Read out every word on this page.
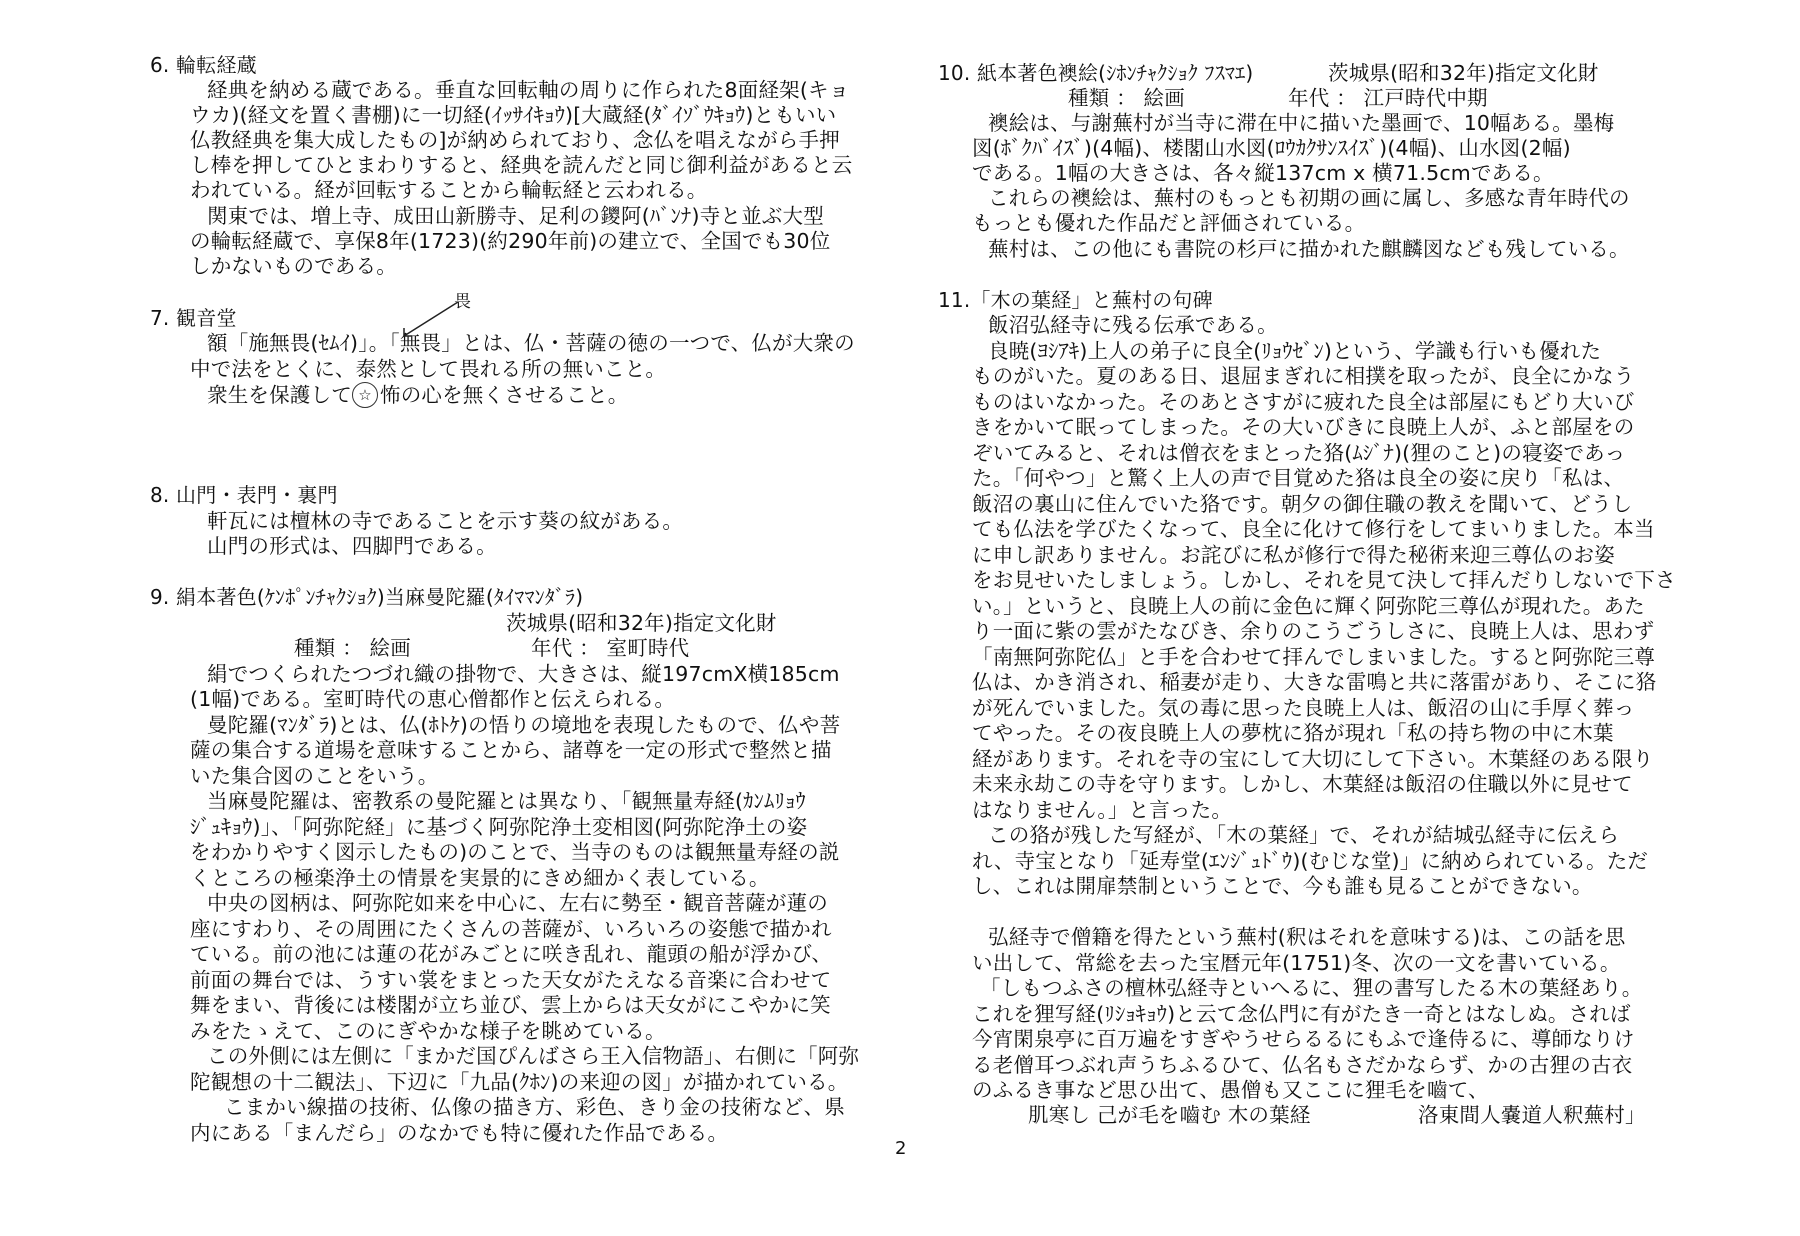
6. 輪転経蔵
経典を納める蔵である。垂直な回転軸の周りに作られた8面経架(キョ
ウカ)(経文を置く書棚)に一切経(ｲｯｻｲｷｮｳ)[大蔵経(ﾀﾞｲｿﾞｳｷｮｳ)ともいい
仏教経典を集大成したもの]が納められており、念仏を唱えながら手押
し棒を押してひとまわりすると、経典を読んだと同じ御利益があると云
われている。経が回転することから輪転経と云われる。
関東では、増上寺、成田山新勝寺、足利の鑁阿(ﾊﾞﾝﾅ)寺と並ぶ大型
の輪転経蔵で、享保8年(1723)(約290年前)の建立で、全国でも30位
しかないものである。
7. 観音堂
額「施無畏(ｾﾑｲ)」。「無畏」とは、仏・菩薩の徳の一つで、仏が大衆の
中で法をとくに、泰然として畏れる所の無いこと。
衆生を保護して ☆ 怖の心を無くさせること。
畏
8. 山門・表門・裏門
軒瓦には檀林の寺であることを示す葵の紋がある。
山門の形式は、四脚門である。
9. 絹本著色(ｹﾝﾎﾟﾝﾁｬｸｼｮｸ)当麻曼陀羅(ﾀｲﾏﾏﾝﾀﾞﾗ)
茨城県(昭和32年)指定文化財
種類 ： 絵画	年代 ： 室町時代
絹でつくられたつづれ織の掛物で、大きさは、縦197cmX横185cm
(1幅)である。室町時代の恵心僧都作と伝えられる。
曼陀羅(ﾏﾝﾀﾞﾗ)とは、仏(ﾎﾄｹ)の悟りの境地を表現したもので、仏や菩
薩の集合する道場を意味することから、諸尊を一定の形式で整然と描
いた集合図のことをいう。
当麻曼陀羅は、密教系の曼陀羅とは異なり、「観無量寿経(ｶﾝﾑﾘｮｳ
ｼﾞｭｷｮｳ)」、「阿弥陀経」に基づく阿弥陀浄土変相図(阿弥陀浄土の姿
をわかりやすく図示したもの)のことで、当寺のものは観無量寿経の説
くところの極楽浄土の情景を実景的にきめ細かく表している。
中央の図柄は、阿弥陀如来を中心に、左右に勢至・観音菩薩が蓮の
座にすわり、その周囲にたくさんの菩薩が、いろいろの姿態で描かれ
ている。前の池には蓮の花がみごとに咲き乱れ、龍頭の船が浮かび、
前面の舞台では、うすい裳をまとった天女がたえなる音楽に合わせて
舞をまい、背後には楼閣が立ち並び、雲上からは天女がにこやかに笑
みをたゝえて、このにぎやかな様子を眺めている。
この外側には左側に「まかだ国ぴんばさら王入信物語」、右側に「阿弥
陀観想の十二観法」、下辺に「九品(ｸﾎﾝ)の来迎の図」が描かれている。
こまかい線描の技術、仏像の描き方、彩色、きり金の技術など、県
内にある「まんだら」のなかでも特に優れた作品である。
10. 紙本著色襖絵(ｼﾎﾝﾁｬｸｼｮｸ ﾌｽﾏｴ)	茨城県(昭和32年)指定文化財
種類 ： 絵画	年代 ： 江戸時代中期
襖絵は、与謝蕪村が当寺に滞在中に描いた墨画で、10幅ある。墨梅
図(ﾎﾞｸﾊﾞｲｽﾞ)(4幅)、楼閣山水図(ﾛｳｶｸｻﾝｽｲｽﾞ)(4幅)、山水図(2幅)
である。1幅の大きさは、各々縦137cm x 横71.5cmである。
これらの襖絵は、蕪村のもっとも初期の画に属し、多感な青年時代の
もっとも優れた作品だと評価されている。
蕪村は、この他にも書院の杉戸に描かれた麒麟図なども残している。
11.「木の葉経」と蕪村の句碑
飯沼弘経寺に残る伝承である。
良暁(ﾖｼｱｷ)上人の弟子に良全(ﾘｮｳｾﾞﾝ)という、学識も行いも優れた
ものがいた。夏のある日、退屈まぎれに相撲を取ったが、良全にかなう
ものはいなかった。そのあとさすがに疲れた良全は部屋にもどり大いび
きをかいて眠ってしまった。その大いびきに良暁上人が、ふと部屋をの
ぞいてみると、それは僧衣をまとった狢(ﾑｼﾞﾅ)(狸のこと)の寝姿であっ
た。「何やつ」と驚く上人の声で目覚めた狢は良全の姿に戻り「私は、
飯沼の裏山に住んでいた狢です。朝夕の御住職の教えを聞いて、どうし
ても仏法を学びたくなって、良全に化けて修行をしてまいりました。本当
に申し訳ありません。お詫びに私が修行で得た秘術来迎三尊仏のお姿
をお見せいたしましょう。しかし、それを見て決して拝んだりしないで下さ
い。」というと、良暁上人の前に金色に輝く阿弥陀三尊仏が現れた。あた
り一面に紫の雲がたなびき、余りのこうごうしさに、良暁上人は、思わず
「南無阿弥陀仏」と手を合わせて拝んでしまいました。すると阿弥陀三尊
仏は、かき消され、稲妻が走り、大きな雷鳴と共に落雷があり、そこに狢
が死んでいました。気の毒に思った良暁上人は、飯沼の山に手厚く葬っ
てやった。その夜良暁上人の夢枕に狢が現れ「私の持ち物の中に木葉
経があります。それを寺の宝にして大切にして下さい。木葉経のある限り
未来永劫この寺を守ります。しかし、木葉経は飯沼の住職以外に見せて
はなりません。」と言った。
この狢が残した写経が、「木の葉経」で、それが結城弘経寺に伝えら
れ、寺宝となり「延寿堂(ｴﾝｼﾞｭﾄﾞｳ)(むじな堂)」に納められている。ただ
し、これは開扉禁制ということで、今も誰も見ることができない。
弘経寺で僧籍を得たという蕪村(釈はそれを意味する)は、この話を思
い出して、常総を去った宝暦元年(1751)冬、次の一文を書いている。
「しもつふさの檀林弘経寺といへるに、狸の書写したる木の葉経あり。
これを狸写経(ﾘｼｮｷｮｳ)と云て念仏門に有がたき一奇とはなしぬ。されば
今宵閑泉亭に百万遍をすぎやうせらるるにもふで逢侍るに、導師なりけ
る老僧耳つぶれ声うちふるひて、仏名もさだかならず、かの古狸の古衣
のふるき事など思ひ出て、愚僧も又ここに狸毛を嚙て、
肌寒し 己が毛を嚙む 木の葉経	洛東間人嚢道人釈蕪村」
2
